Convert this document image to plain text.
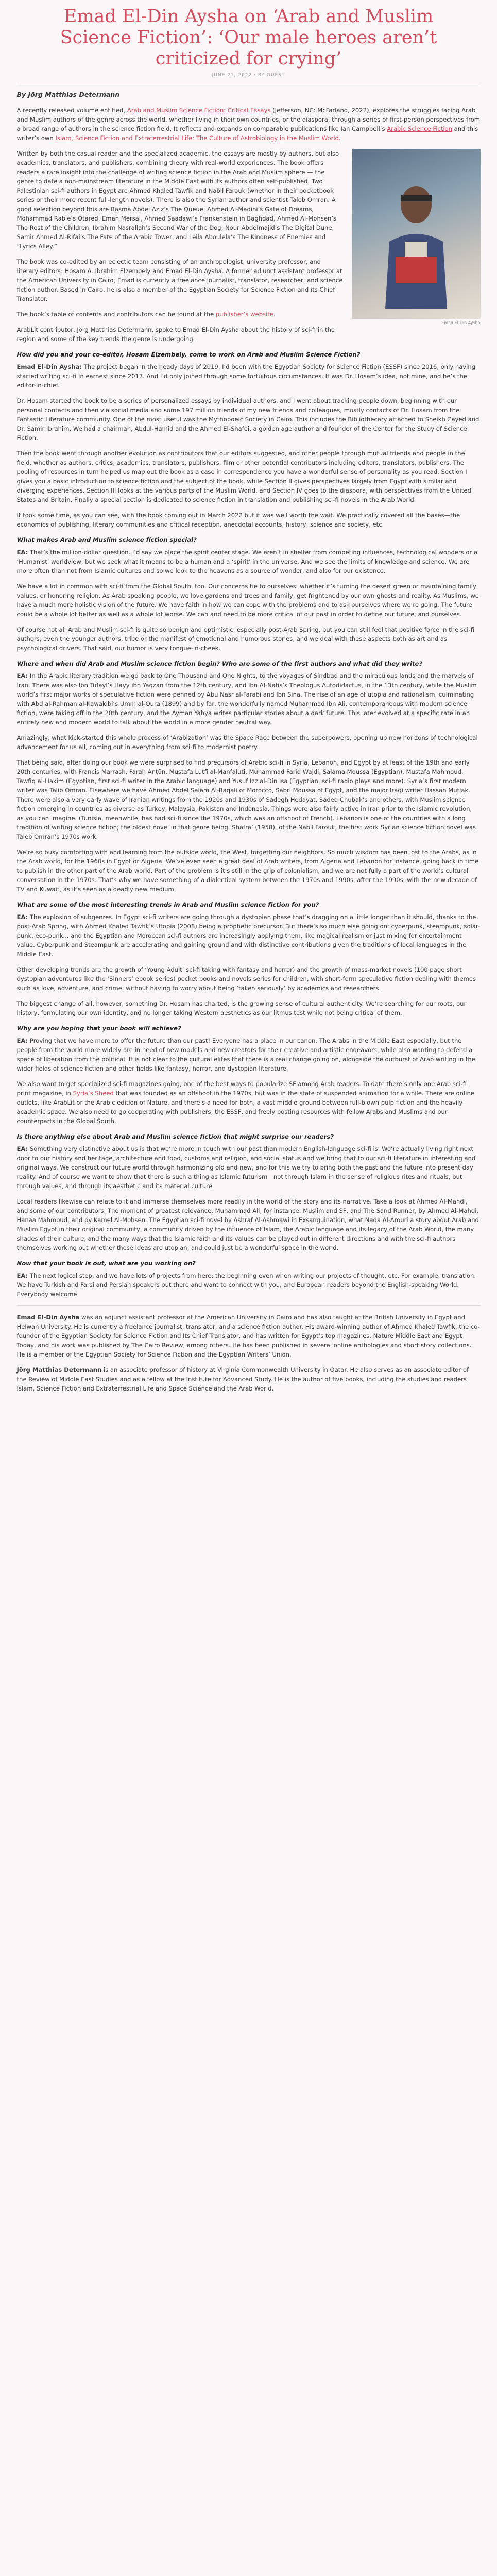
Emad El-Din Aysha on ‘Arab and Muslim Science Fiction’: ‘Our male heroes aren’t criticized for crying’
JUNE 21, 2022 · BY GUEST
By Jörg Matthias Determann

A recently released volume entitled, Arab and Muslim Science Fiction: Critical Essays (Jefferson, NC: McFarland, 2022), explores the struggles facing Arab and Muslim authors of the genre across the world, whether living in their own countries, or the diaspora, through a series of first-person perspectives from a broad range of authors in the science fiction field. It reflects and expands on comparable publications like Ian Campbell’s Arabic Science Fiction and this writer’s own Islam, Science Fiction and Extraterrestrial Life: The Culture of Astrobiology in the Muslim World.

Emad El-Din Aysha

Written by both the casual reader and the specialized academic, the essays are mostly by authors, but also academics, translators, and publishers, combining theory with real-world experiences. The book offers readers a rare insight into the challenge of writing science fiction in the Arab and Muslim sphere — the genre to date a non-mainstream literature in the Middle East with its authors often self-published. Two Palestinian sci-fi authors in Egypt are Ahmed Khaled Tawfik and Nabil Farouk (whether in their pocketbook series or their more recent full-length novels). There is also the Syrian author and scientist Taleb Omran. A good selection beyond this are Basma Abdel Aziz’s The Queue, Ahmed Al-Madini’s Gate of Dreams, Mohammad Rabie’s Otared, Eman Mersal, Ahmed Saadawi’s Frankenstein in Baghdad, Ahmed Al-Mohsen’s The Rest of the Children, Ibrahim Nasrallah’s Second War of the Dog, Nour Abdelmajid’s The Digital Dune, Samir Ahmed Al-Rifai’s The Fate of the Arabic Tower, and Leila Aboulela’s The Kindness of Enemies and “Lyrics Alley.”

The book was co-edited by an eclectic team consisting of an anthropologist, university professor, and literary editors: Hosam A. Ibrahim Elzembely and Emad El-Din Aysha. A former adjunct assistant professor at the American University in Cairo, Emad is currently a freelance journalist, translator, researcher, and science fiction author. Based in Cairo, he is also a member of the Egyptian Society for Science Fiction and its Chief Translator.

The book’s table of contents and contributors can be found at the publisher’s website.

ArabLit contributor, Jörg Matthias Determann, spoke to Emad El-Din Aysha about the history of sci-fi in the region and some of the key trends the genre is undergoing.

How did you and your co-editor, Hosam Elzembely, come to work on Arab and Muslim Science Fiction?

Emad El-Din Aysha: The project began in the heady days of 2019. I’d been with the Egyptian Society for Science Fiction (ESSF) since 2016, only having started writing sci-fi in earnest since 2017. And I’d only joined through some fortuitous circumstances. It was Dr. Hosam’s idea, not mine, and he’s the editor-in-chief.

Dr. Hosam started the book to be a series of personalized essays by individual authors, and I went about tracking people down, beginning with our personal contacts and then via social media and some 197 million friends of my new friends and colleagues, mostly contacts of Dr. Hosam from the Fantastic Literature community. One of the most useful was the Mythopoeic Society in Cairo. This includes the Bibliothecary attached to Sheikh Zayed and Dr. Samir Ibrahim. We had a chairman, Abdul-Hamid and the Ahmed El-Shafei, a golden age author and founder of the Center for the Study of Science Fiction.

Then the book went through another evolution as contributors that our editors suggested, and other people through mutual friends and people in the field, whether as authors, critics, academics, translators, publishers, film or other potential contributors including editors, translators, publishers. The pooling of resources in turn helped us map out the book as a case in correspondence you have a wonderful sense of personality as you read. Section I gives you a basic introduction to science fiction and the subject of the book, while Section II gives perspectives largely from Egypt with similar and diverging experiences. Section III looks at the various parts of the Muslim World, and Section IV goes to the diaspora, with perspectives from the United States and Britain. Finally a special section is dedicated to science fiction in translation and publishing sci-fi novels in the Arab World.

It took some time, as you can see, with the book coming out in March 2022 but it was well worth the wait. We practically covered all the bases—the economics of publishing, literary communities and critical reception, anecdotal accounts, history, science and society, etc.

What makes Arab and Muslim science fiction special?

EA: That’s the million-dollar question. I’d say we place the spirit center stage. We aren’t in shelter from competing influences, technological wonders or a ‘Humanist’ worldview, but we seek what it means to be a human and a ‘spirit’ in the universe. And we see the limits of knowledge and science. We are more often than not from Islamic cultures and so we look to the heavens as a source of wonder, and also for our existence.

We have a lot in common with sci-fi from the Global South, too. Our concerns tie to ourselves: whether it’s turning the desert green or maintaining family values, or honoring religion. As Arab speaking people, we love gardens and trees and family, get frightened by our own ghosts and reality. As Muslims, we have a much more holistic vision of the future. We have faith in how we can cope with the problems and to ask ourselves where we’re going. The future could be a whole lot better as well as a whole lot worse. We can and need to be more critical of our past in order to define our future, and ourselves.

Of course not all Arab and Muslim sci-fi is quite so benign and optimistic, especially post-Arab Spring, but you can still feel that positive force in the sci-fi authors, even the younger authors, tribe or the manifest of emotional and humorous stories, and we deal with these aspects both as art and as psychological drivers. That said, our humor is very tongue-in-cheek.

Where and when did Arab and Muslim science fiction begin? Who are some of the first authors and what did they write?

EA: In the Arabic literary tradition we go back to One Thousand and One Nights, to the voyages of Sindbad and the miraculous lands and the marvels of Iran. There was also Ibn Tufayl’s Hayy ibn Yaqzan from the 12th century, and Ibn Al-Nafis’s Theologus Autodidactus, in the 13th century, while the Muslim world’s first major works of speculative fiction were penned by Abu Nasr al-Farabi and Ibn Sina. The rise of an age of utopia and rationalism, culminating with Abd al-Rahman al-Kawakibi’s Umm al-Qura (1899) and by far, the wonderfully named Muhammad Ibn Ali, contemporaneous with modern science fiction, were taking off in the 20th century, and the Ayman Yahya writes particular stories about a dark future. This later evolved at a specific rate in an entirely new and modern world to talk about the world in a more gender neutral way.

Amazingly, what kick-started this whole process of ‘Arabization’ was the Space Race between the superpowers, opening up new horizons of technological advancement for us all, coming out in everything from sci-fi to modernist poetry.

That being said, after doing our book we were surprised to find precursors of Arabic sci-fi in Syria, Lebanon, and Egypt by at least of the 19th and early 20th centuries, with Francis Marrash, Faraḥ Anṭūn, Mustafa Lutfi al-Manfaluti, Muhammad Farid Wajdi, Salama Moussa (Egyptian), Mustafa Mahmoud, Tawfiq al-Hakim (Egyptian, first sci-fi writer in the Arabic language) and Yusuf Izz al-Din Isa (Egyptian, sci-fi radio plays and more). Syria’s first modern writer was Talib Omran. Elsewhere we have Ahmed Abdel Salam Al-Baqali of Morocco, Sabri Moussa of Egypt, and the major Iraqi writer Hassan Mutlak. There were also a very early wave of Iranian writings from the 1920s and 1930s of Sadegh Hedayat, Sadeq Chubak’s and others, with Muslim science fiction emerging in countries as diverse as Turkey, Malaysia, Pakistan and Indonesia. Things were also fairly active in Iran prior to the Islamic revolution, as you can imagine. (Tunisia, meanwhile, has had sci-fi since the 1970s, which was an offshoot of French). Lebanon is one of the countries with a long tradition of writing science fiction; the oldest novel in that genre being ‘Shafra’ (1958), of the Nabil Farouk; the first work Syrian science fiction novel was Taleb Omran’s 1970s work.

We’re so busy comforting with and learning from the outside world, the West, forgetting our neighbors. So much wisdom has been lost to the Arabs, as in the Arab world, for the 1960s in Egypt or Algeria. We’ve even seen a great deal of Arab writers, from Algeria and Lebanon for instance, going back in time to publish in the other part of the Arab world. Part of the problem is it’s still in the grip of colonialism, and we are not fully a part of the world’s cultural conversation in the 1970s. That’s why we have something of a dialectical system between the 1970s and 1990s, after the 1990s, with the new decade of TV and Kuwait, as it’s seen as a deadly new medium.

What are some of the most interesting trends in Arab and Muslim science fiction for you?

EA: The explosion of subgenres. In Egypt sci-fi writers are going through a dystopian phase that’s dragging on a little longer than it should, thanks to the post-Arab Spring, with Ahmed Khaled Tawfik’s Utopia (2008) being a prophetic precursor. But there’s so much else going on: cyberpunk, steampunk, solar-punk, eco-punk... and the Egyptian and Moroccan sci-fi authors are increasingly applying them, like magical realism or just mixing for entertainment value. Cyberpunk and Steampunk are accelerating and gaining ground and with distinctive contributions given the traditions of local languages in the Middle East.

Other developing trends are the growth of ‘Young Adult’ sci-fi taking with fantasy and horror) and the growth of mass-market novels (100 page short dystopian adventures like the ‘Sinners’ ebook series) pocket books and novels series for children, with short-form speculative fiction dealing with themes such as love, adventure, and crime, without having to worry about being ‘taken seriously’ by academics and researchers.

The biggest change of all, however, something Dr. Hosam has charted, is the growing sense of cultural authenticity. We’re searching for our roots, our history, formulating our own identity, and no longer taking Western aesthetics as our litmus test while not being critical of them.

Why are you hoping that your book will achieve?

EA: Proving that we have more to offer the future than our past! Everyone has a place in our canon. The Arabs in the Middle East especially, but the people from the world more widely are in need of new models and new creators for their creative and artistic endeavors, while also wanting to defend a space of liberation from the political. It is not clear to the cultural elites that there is a real change going on, alongside the outburst of Arab writing in the wider fields of science fiction and other fields like fantasy, horror, and dystopian literature.

We also want to get specialized sci-fi magazines going, one of the best ways to popularize SF among Arab readers. To date there’s only one Arab sci-fi print magazine, in Syria’s Sheed that was founded as an offshoot in the 1970s, but was in the state of suspended animation for a while. There are online outlets, like ArabLit or the Arabic edition of Nature, and there’s a need for both, a vast middle ground between full-blown pulp fiction and the heavily academic space. We also need to go cooperating with publishers, the ESSF, and freely posting resources with fellow Arabs and Muslims and our counterparts in the Global South.

Is there anything else about Arab and Muslim science fiction that might surprise our readers?

EA: Something very distinctive about us is that we’re more in touch with our past than modern English-language sci-fi is. We’re actually living right next door to our history and heritage, architecture and food, customs and religion, and social status and we bring that to our sci-fi literature in interesting and original ways. We construct our future world through harmonizing old and new, and for this we try to bring both the past and the future into present day reality. And of course we want to show that there is such a thing as Islamic futurism—not through Islam in the sense of religious rites and rituals, but through values, and through its aesthetic and its material culture.

Local readers likewise can relate to it and immerse themselves more readily in the world of the story and its narrative. Take a look at Ahmed Al-Mahdi, and some of our contributors. The moment of greatest relevance, Muhammad Ali, for instance: Muslim and SF, and The Sand Runner, by Ahmed Al-Mahdi, Hanaa Mahmoud, and by Kamel Al-Mohsen. The Egyptian sci-fi novel by Ashraf Al-Ashmawi in Exsanguination, what Nada Al-Arouri a story about Arab and Muslim Egypt in their original community, a community driven by the influence of Islam, the Arabic language and its legacy of the Arab World, the many shades of their culture, and the many ways that the Islamic faith and its values can be played out in different directions and with the sci-fi authors themselves working out whether these ideas are utopian, and could just be a wonderful space in the world.

Now that your book is out, what are you working on?

EA: The next logical step, and we have lots of projects from here: the beginning even when writing our projects of thought, etc. For example, translation. We have Turkish and Farsi and Persian speakers out there and want to connect with you, and European readers beyond the English-speaking World. Everybody welcome.

Emad El-Din Aysha was an adjunct assistant professor at the American University in Cairo and has also taught at the British University in Egypt and Helwan University. He is currently a freelance journalist, translator, and a science fiction author. His award-winning author of Ahmed Khaled Tawfik, the co-founder of the Egyptian Society for Science Fiction and Its Chief Translator, and has written for Egypt’s top magazines, Nature Middle East and Egypt Today, and his work was published by The Cairo Review, among others. He has been published in several online anthologies and short story collections. He is a member of the Egyptian Society for Science Fiction and the Egyptian Writers’ Union.

Jörg Matthias Determann is an associate professor of history at Virginia Commonwealth University in Qatar. He also serves as an associate editor of the Review of Middle East Studies and as a fellow at the Institute for Advanced Study. He is the author of five books, including the studies and readers Islam, Science Fiction and Extraterrestrial Life and Space Science and the Arab World.
